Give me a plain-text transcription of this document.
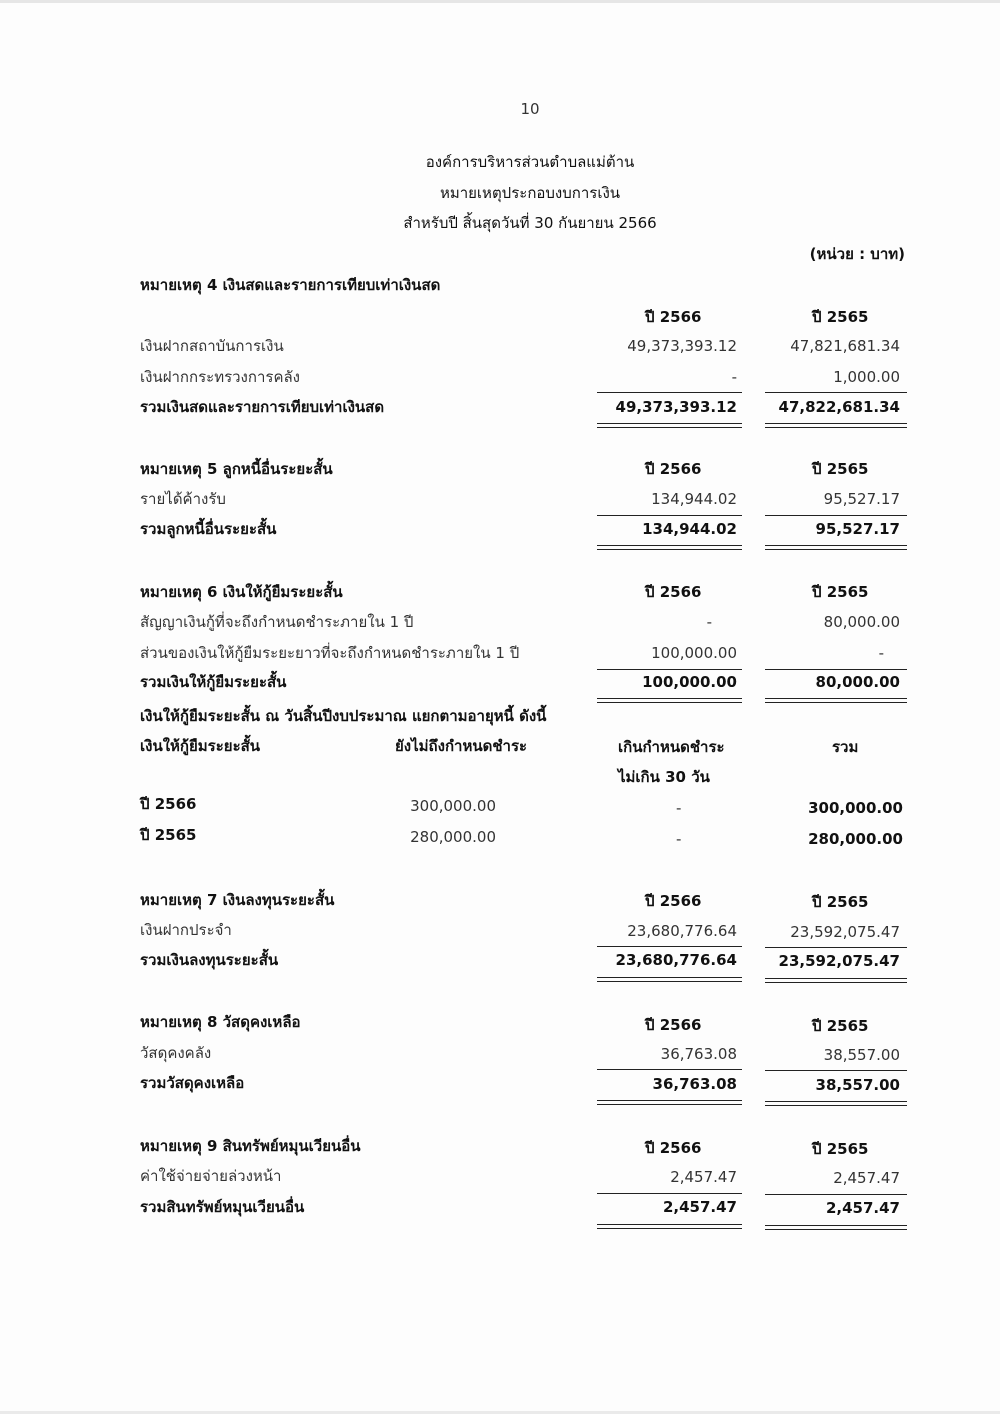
10
องค์การบริหารส่วนตำบลแม่ต้าน
หมายเหตุประกอบงบการเงิน
สำหรับปี สิ้นสุดวันที่ 30 กันยายน 2566
(หน่วย : บาท)
หมายเหตุ 4 เงินสดและรายการเทียบเท่าเงินสด
ปี 2566	ปี 2565
เงินฝากสถาบันการเงิน	49,373,393.12	47,821,681.34
เงินฝากกระทรวงการคลัง	-	1,000.00
รวมเงินสดและรายการเทียบเท่าเงินสด	49,373,393.12	47,822,681.34
หมายเหตุ 5 ลูกหนี้อื่นระยะสั้น	ปี 2566	ปี 2565
รายได้ค้างรับ	134,944.02	95,527.17
รวมลูกหนี้อื่นระยะสั้น	134,944.02	95,527.17
หมายเหตุ 6 เงินให้กู้ยืมระยะสั้น	ปี 2566	ปี 2565
สัญญาเงินกู้ที่จะถึงกำหนดชำระภายใน 1 ปี	-	80,000.00
ส่วนของเงินให้กู้ยืมระยะยาวที่จะถึงกำหนดชำระภายใน 1 ปี	100,000.00	-
รวมเงินให้กู้ยืมระยะสั้น	100,000.00	80,000.00
เงินให้กู้ยืมระยะสั้น ณ วันสิ้นปีงบประมาณ แยกตามอายุหนี้ ดังนี้
เงินให้กู้ยืมระยะสั้น	ยังไม่ถึงกำหนดชำระ	เกินกำหนดชำระ	รวม
ไม่เกิน 30 วัน
ปี 2566	300,000.00	-	300,000.00
ปี 2565	280,000.00	-	280,000.00
หมายเหตุ 7 เงินลงทุนระยะสั้น	ปี 2566	ปี 2565
เงินฝากประจำ	23,680,776.64	23,592,075.47
รวมเงินลงทุนระยะสั้น	23,680,776.64	23,592,075.47
หมายเหตุ 8 วัสดุคงเหลือ	ปี 2566	ปี 2565
วัสดุคงคลัง	36,763.08	38,557.00
รวมวัสดุคงเหลือ	36,763.08	38,557.00
หมายเหตุ 9 สินทรัพย์หมุนเวียนอื่น	ปี 2566	ปี 2565
ค่าใช้จ่ายจ่ายล่วงหน้า	2,457.47	2,457.47
รวมสินทรัพย์หมุนเวียนอื่น	2,457.47	2,457.47
